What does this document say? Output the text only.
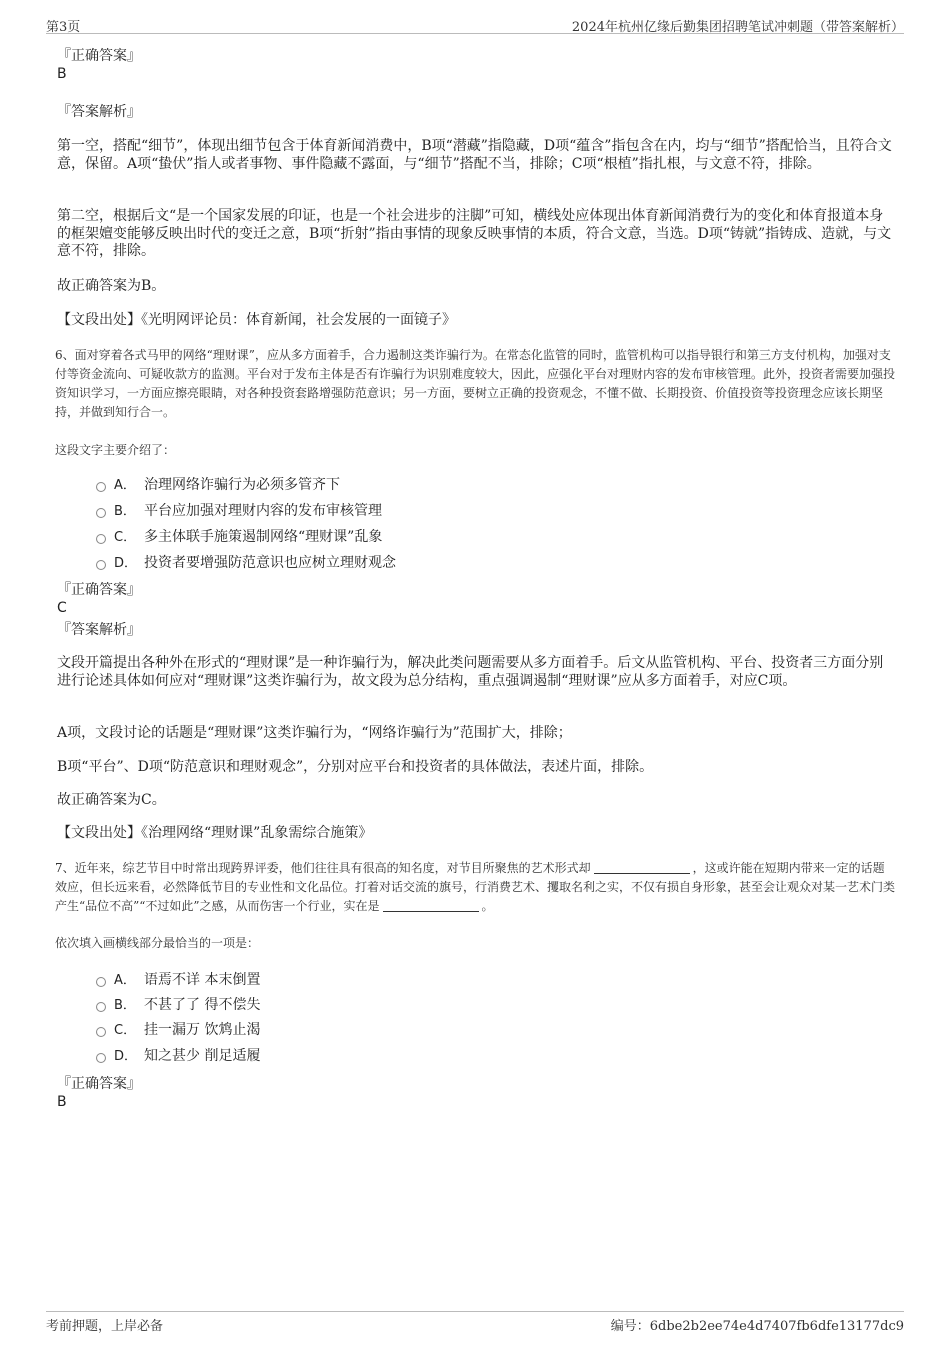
第3页	2024年杭州亿缘后勤集团招聘笔试冲刺题（带答案解析）
『正确答案』
B
『答案解析』
第一空，搭配“细节”，体现出细节包含于体育新闻消费中，B项“潜藏”指隐藏，D项“蕴含”指包含在内，均与“细节”搭配恰当，且符合文意，保留。A项“蛰伏”指人或者事物、事件隐藏不露面，与“细节”搭配不当，排除；C项“根植”指扎根，与文意不符，排除。
第二空，根据后文“是一个国家发展的印证，也是一个社会进步的注脚”可知，横线处应体现出体育新闻消费行为的变化和体育报道本身的框架嬗变能够反映出时代的变迁之意，B项“折射”指由事情的现象反映事情的本质，符合文意，当选。D项“铸就”指铸成、造就，与文意不符，排除。
故正确答案为B。
【文段出处】《光明网评论员：体育新闻，社会发展的一面镜子》
6、面对穿着各式马甲的网络“理财课”，应从多方面着手，合力遏制这类诈骗行为。在常态化监管的同时，监管机构可以指导银行和第三方支付机构，加强对支付等资金流向、可疑收款方的监测。平台对于发布主体是否有诈骗行为识别难度较大，因此，应强化平台对理财内容的发布审核管理。此外，投资者需要加强投资知识学习，一方面应擦亮眼睛，对各种投资套路增强防范意识；另一方面，要树立正确的投资观念，不懂不做、长期投资、价值投资等投资理念应该长期坚持，并做到知行合一。
这段文字主要介绍了：
A． 治理网络诈骗行为必须多管齐下
B． 平台应加强对理财内容的发布审核管理
C． 多主体联手施策遏制网络“理财课”乱象
D． 投资者要增强防范意识也应树立理财观念
『正确答案』
C
『答案解析』
文段开篇提出各种外在形式的“理财课”是一种诈骗行为，解决此类问题需要从多方面着手。后文从监管机构、平台、投资者三方面分别进行论述具体如何应对“理财课”这类诈骗行为，故文段为总分结构，重点强调遏制“理财课”应从多方面着手，对应C项。
A项，文段讨论的话题是“理财课”这类诈骗行为，“网络诈骗行为”范围扩大，排除；
B项“平台”、D项“防范意识和理财观念”，分别对应平台和投资者的具体做法，表述片面，排除。
故正确答案为C。
【文段出处】《治理网络“理财课”乱象需综合施策》
7、近年来，综艺节目中时常出现跨界评委，他们往往具有很高的知名度，对节目所聚焦的艺术形式却	，这或许能在短期内带来一定的话题效应，但长远来看，必然降低节目的专业性和文化品位。打着对话交流的旗号，行消费艺术、攫取名利之实，不仅有损自身形象，甚至会让观众对某一艺术门类产生“品位不高”“不过如此”之感，从而伤害一个行业，实在是	。
依次填入画横线部分最恰当的一项是：
A． 语焉不详 本末倒置
B． 不甚了了 得不偿失
C． 挂一漏万 饮鸩止渴
D． 知之甚少 削足适履
『正确答案』
B
考前押题，上岸必备	编号：6dbe2b2ee74e4d7407fb6dfe13177dc9
